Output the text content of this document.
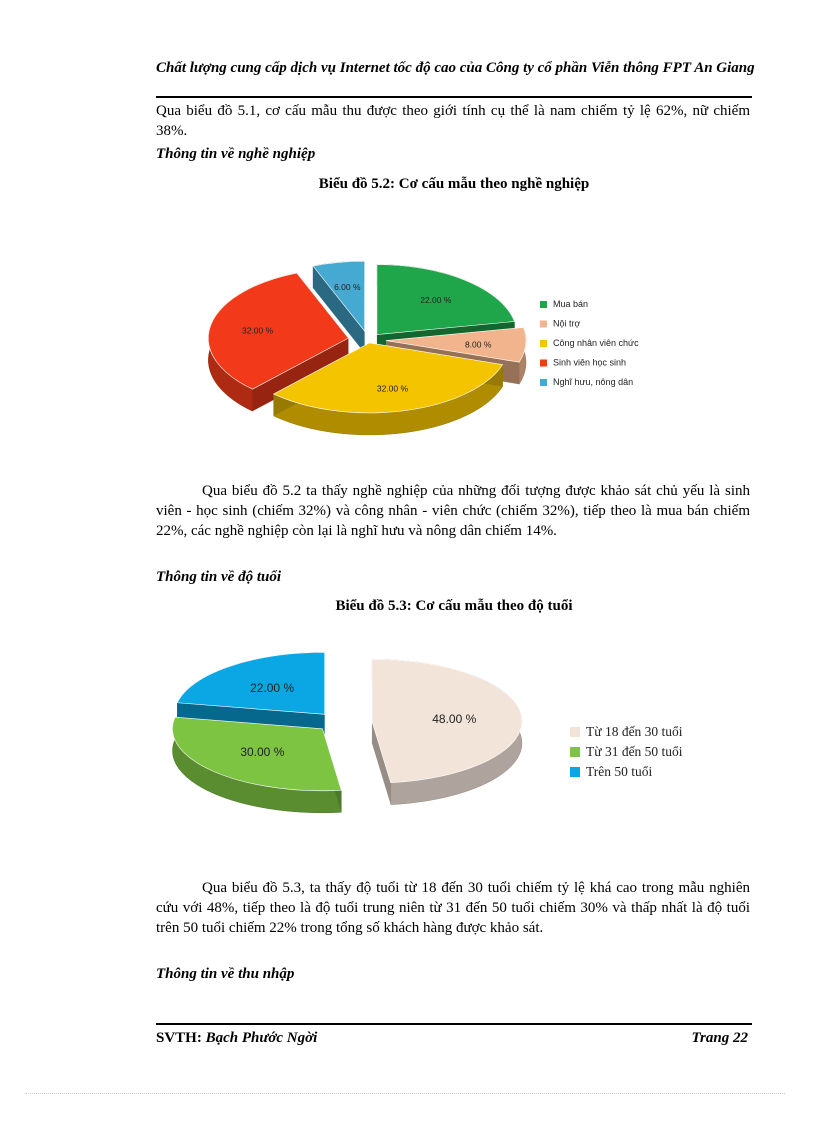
Chất lượng cung cấp dịch vụ Internet tốc độ cao của Công ty cổ phần Viễn thông FPT An Giang
Qua biểu đồ 5.1, cơ cấu mẫu thu được theo giới tính cụ thể là nam chiếm tỷ lệ 62%, nữ chiếm 38%.
Thông tin về nghề nghiệp
Biểu đồ 5.2: Cơ cấu mẫu theo nghề nghiệp
22.00 %
8.00 %
32.00 %
32.00 %
6.00 %
Mua bán
Nội trợ
Công nhân viên chức
Sinh viên học sinh
Nghĩ hưu, nông dân
Qua biểu đồ 5.2 ta thấy nghề nghiệp của những đối tượng được khảo sát chủ yếu là sinh viên - học sinh (chiếm 32%) và công nhân - viên chức (chiếm 32%), tiếp theo là mua bán chiếm 22%, các nghề nghiệp còn lại là nghĩ hưu và nông dân chiếm 14%.
Thông tin về độ tuổi
Biểu đồ 5.3: Cơ cấu mẫu theo độ tuổi
48.00 %
30.00 %
22.00 %
Từ 18 đến 30 tuổi
Từ 31 đến 50 tuổi
Trên 50 tuổi
Qua biểu đồ 5.3, ta thấy độ tuổi từ 18 đến 30 tuổi chiếm tỷ lệ khá cao trong mẫu nghiên cứu với 48%, tiếp theo là độ tuổi trung niên từ 31 đến 50 tuổi chiếm 30% và thấp nhất là độ tuổi trên 50 tuổi chiếm 22% trong tổng số khách hàng được khảo sát.
Thông tin về thu nhập
SVTH: Bạch Phước Ngời	Trang 22
